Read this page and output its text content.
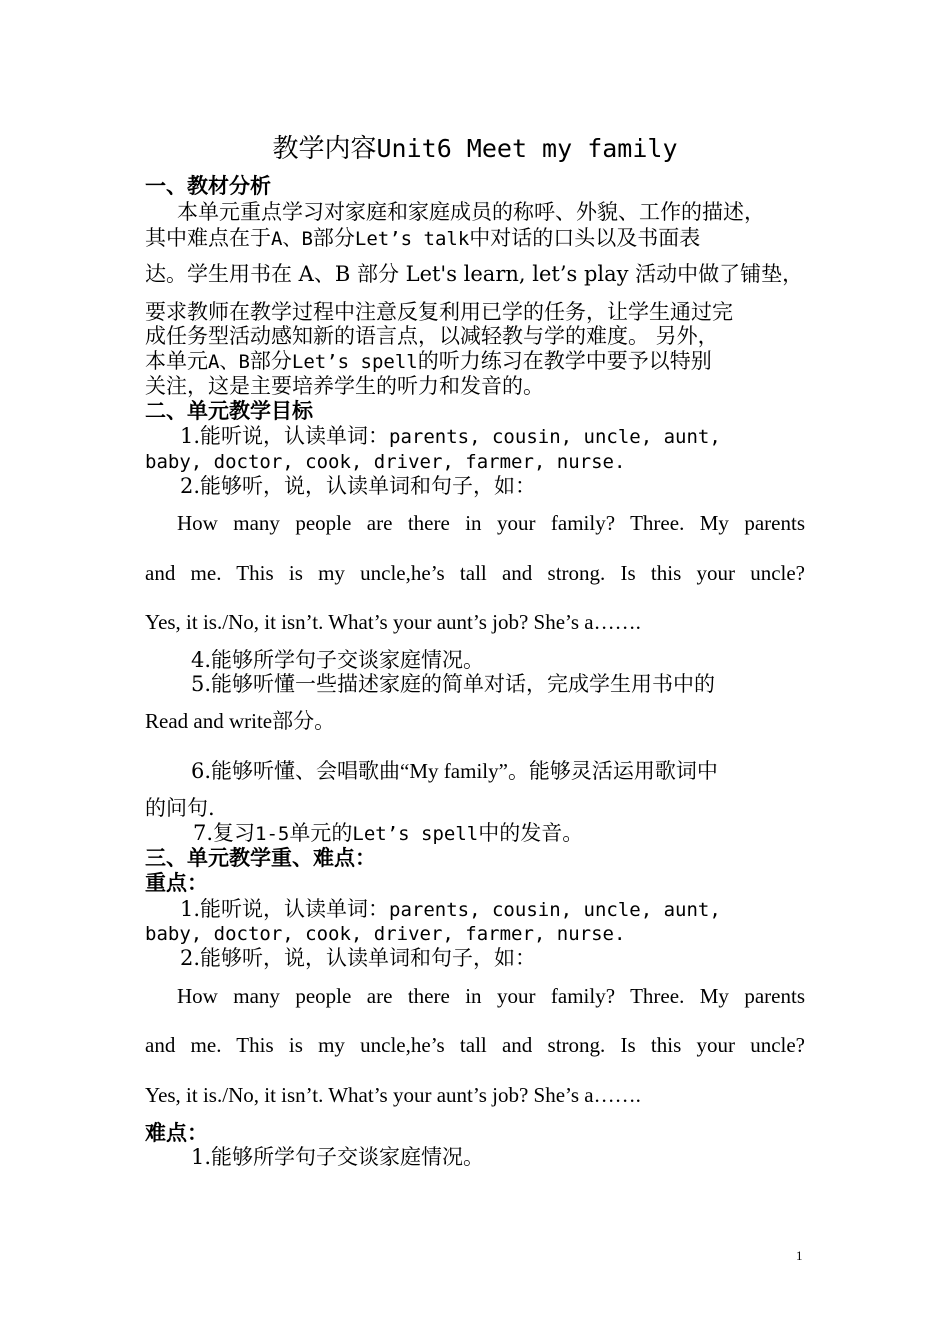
教学内容Unit6 Meet my family
一、教材分析
本单元重点学习对家庭和家庭成员的称呼、外貌、工作的描述，
其中难点在于A、B部分Let’s talk中对话的口头以及书面表
达。学生用书在 A、B 部分 Let's learn, let’s play 活动中做了铺垫，
要求教师在教学过程中注意反复利用已学的任务，让学生通过完
成任务型活动感知新的语言点，以减轻教与学的难度。 另外，
本单元A、B部分Let’s spell的听力练习在教学中要予以特别
关注，这是主要培养学生的听力和发音的。
二、单元教学目标
1.能听说，认读单词：parents, cousin, uncle, aunt,
baby, doctor, cook, driver, farmer, nurse.
2.能够听，说，认读单词和句子，如：
How many people are there in your family? Three. My parents
and me. This is my uncle,he’s tall and strong. Is this your uncle?
Yes, it is./No, it isn’t. What’s your aunt’s job? She’s a…….
4.能够所学句子交谈家庭情况。
5.能够听懂一些描述家庭的简单对话，完成学生用书中的
Read and write部分。
6.能够听懂、会唱歌曲“My family”。能够灵活运用歌词中
的问句.
7.复习1-5单元的Let’s spell中的发音。
三、单元教学重、难点：
重点：
1.能听说，认读单词：parents, cousin, uncle, aunt,
baby, doctor, cook, driver, farmer, nurse.
2.能够听，说，认读单词和句子，如：
How many people are there in your family? Three. My parents
and me. This is my uncle,he’s tall and strong. Is this your uncle?
Yes, it is./No, it isn’t. What’s your aunt’s job? She’s a…….
难点：
1.能够所学句子交谈家庭情况。
1
